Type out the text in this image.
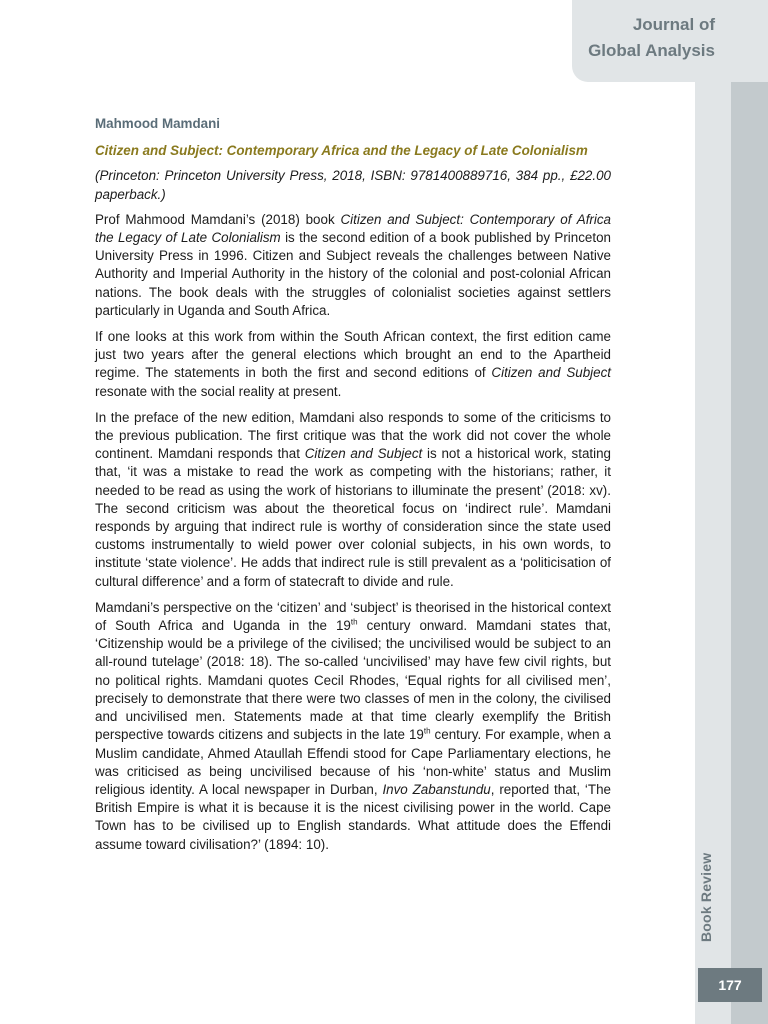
Journal of
Global Analysis
Book Review
177

Mahmood Mamdani

Citizen and Subject: Contemporary Africa and the Legacy of Late Colonialism

(Princeton: Princeton University Press, 2018, ISBN: 9781400889716, 384 pp., £22.00 paperback.)

Prof Mahmood Mamdani’s (2018) book Citizen and Subject: Contemporary of Africa the Legacy of Late Colonialism is the second edition of a book published by Princeton University Press in 1996. Citizen and Subject reveals the challenges between Native Authority and Imperial Authority in the history of the colonial and post-colonial African nations. The book deals with the struggles of colonialist societies against settlers particularly in Uganda and South Africa.

If one looks at this work from within the South African context, the first edition came just two years after the general elections which brought an end to the Apartheid regime. The statements in both the first and second editions of Citizen and Subject resonate with the social reality at present.

In the preface of the new edition, Mamdani also responds to some of the criticisms to the previous publication. The first critique was that the work did not cover the whole continent. Mamdani responds that Citizen and Subject is not a historical work, stating that, ‘it was a mistake to read the work as competing with the historians; rather, it needed to be read as using the work of historians to illuminate the present’ (2018: xv). The second criticism was about the theoretical focus on ‘indirect rule’. Mamdani responds by arguing that indirect rule is worthy of consideration since the state used customs instrumentally to wield power over colonial subjects, in his own words, to institute ‘state violence’. He adds that indirect rule is still prevalent as a ‘politicisation of cultural difference’ and a form of statecraft to divide and rule.

Mamdani’s perspective on the ‘citizen’ and ‘subject’ is theorised in the historical context of South Africa and Uganda in the 19th century onward. Mamdani states that, ‘Citizenship would be a privilege of the civilised; the uncivilised would be subject to an all-round tutelage’ (2018: 18). The so-called ‘uncivilised’ may have few civil rights, but no political rights. Mamdani quotes Cecil Rhodes, ‘Equal rights for all civilised men’, precisely to demonstrate that there were two classes of men in the colony, the civilised and uncivilised men. Statements made at that time clearly exemplify the British perspective towards citizens and subjects in the late 19th century. For example, when a Muslim candidate, Ahmed Ataullah Effendi stood for Cape Parliamentary elections, he was criticised as being uncivilised because of his ‘non-white’ status and Muslim religious identity. A local newspaper in Durban, Invo Zabanstundu, reported that, ‘The British Empire is what it is because it is the nicest civilising power in the world. Cape Town has to be civilised up to English standards. What attitude does the Effendi assume toward civilisation?’ (1894: 10).
